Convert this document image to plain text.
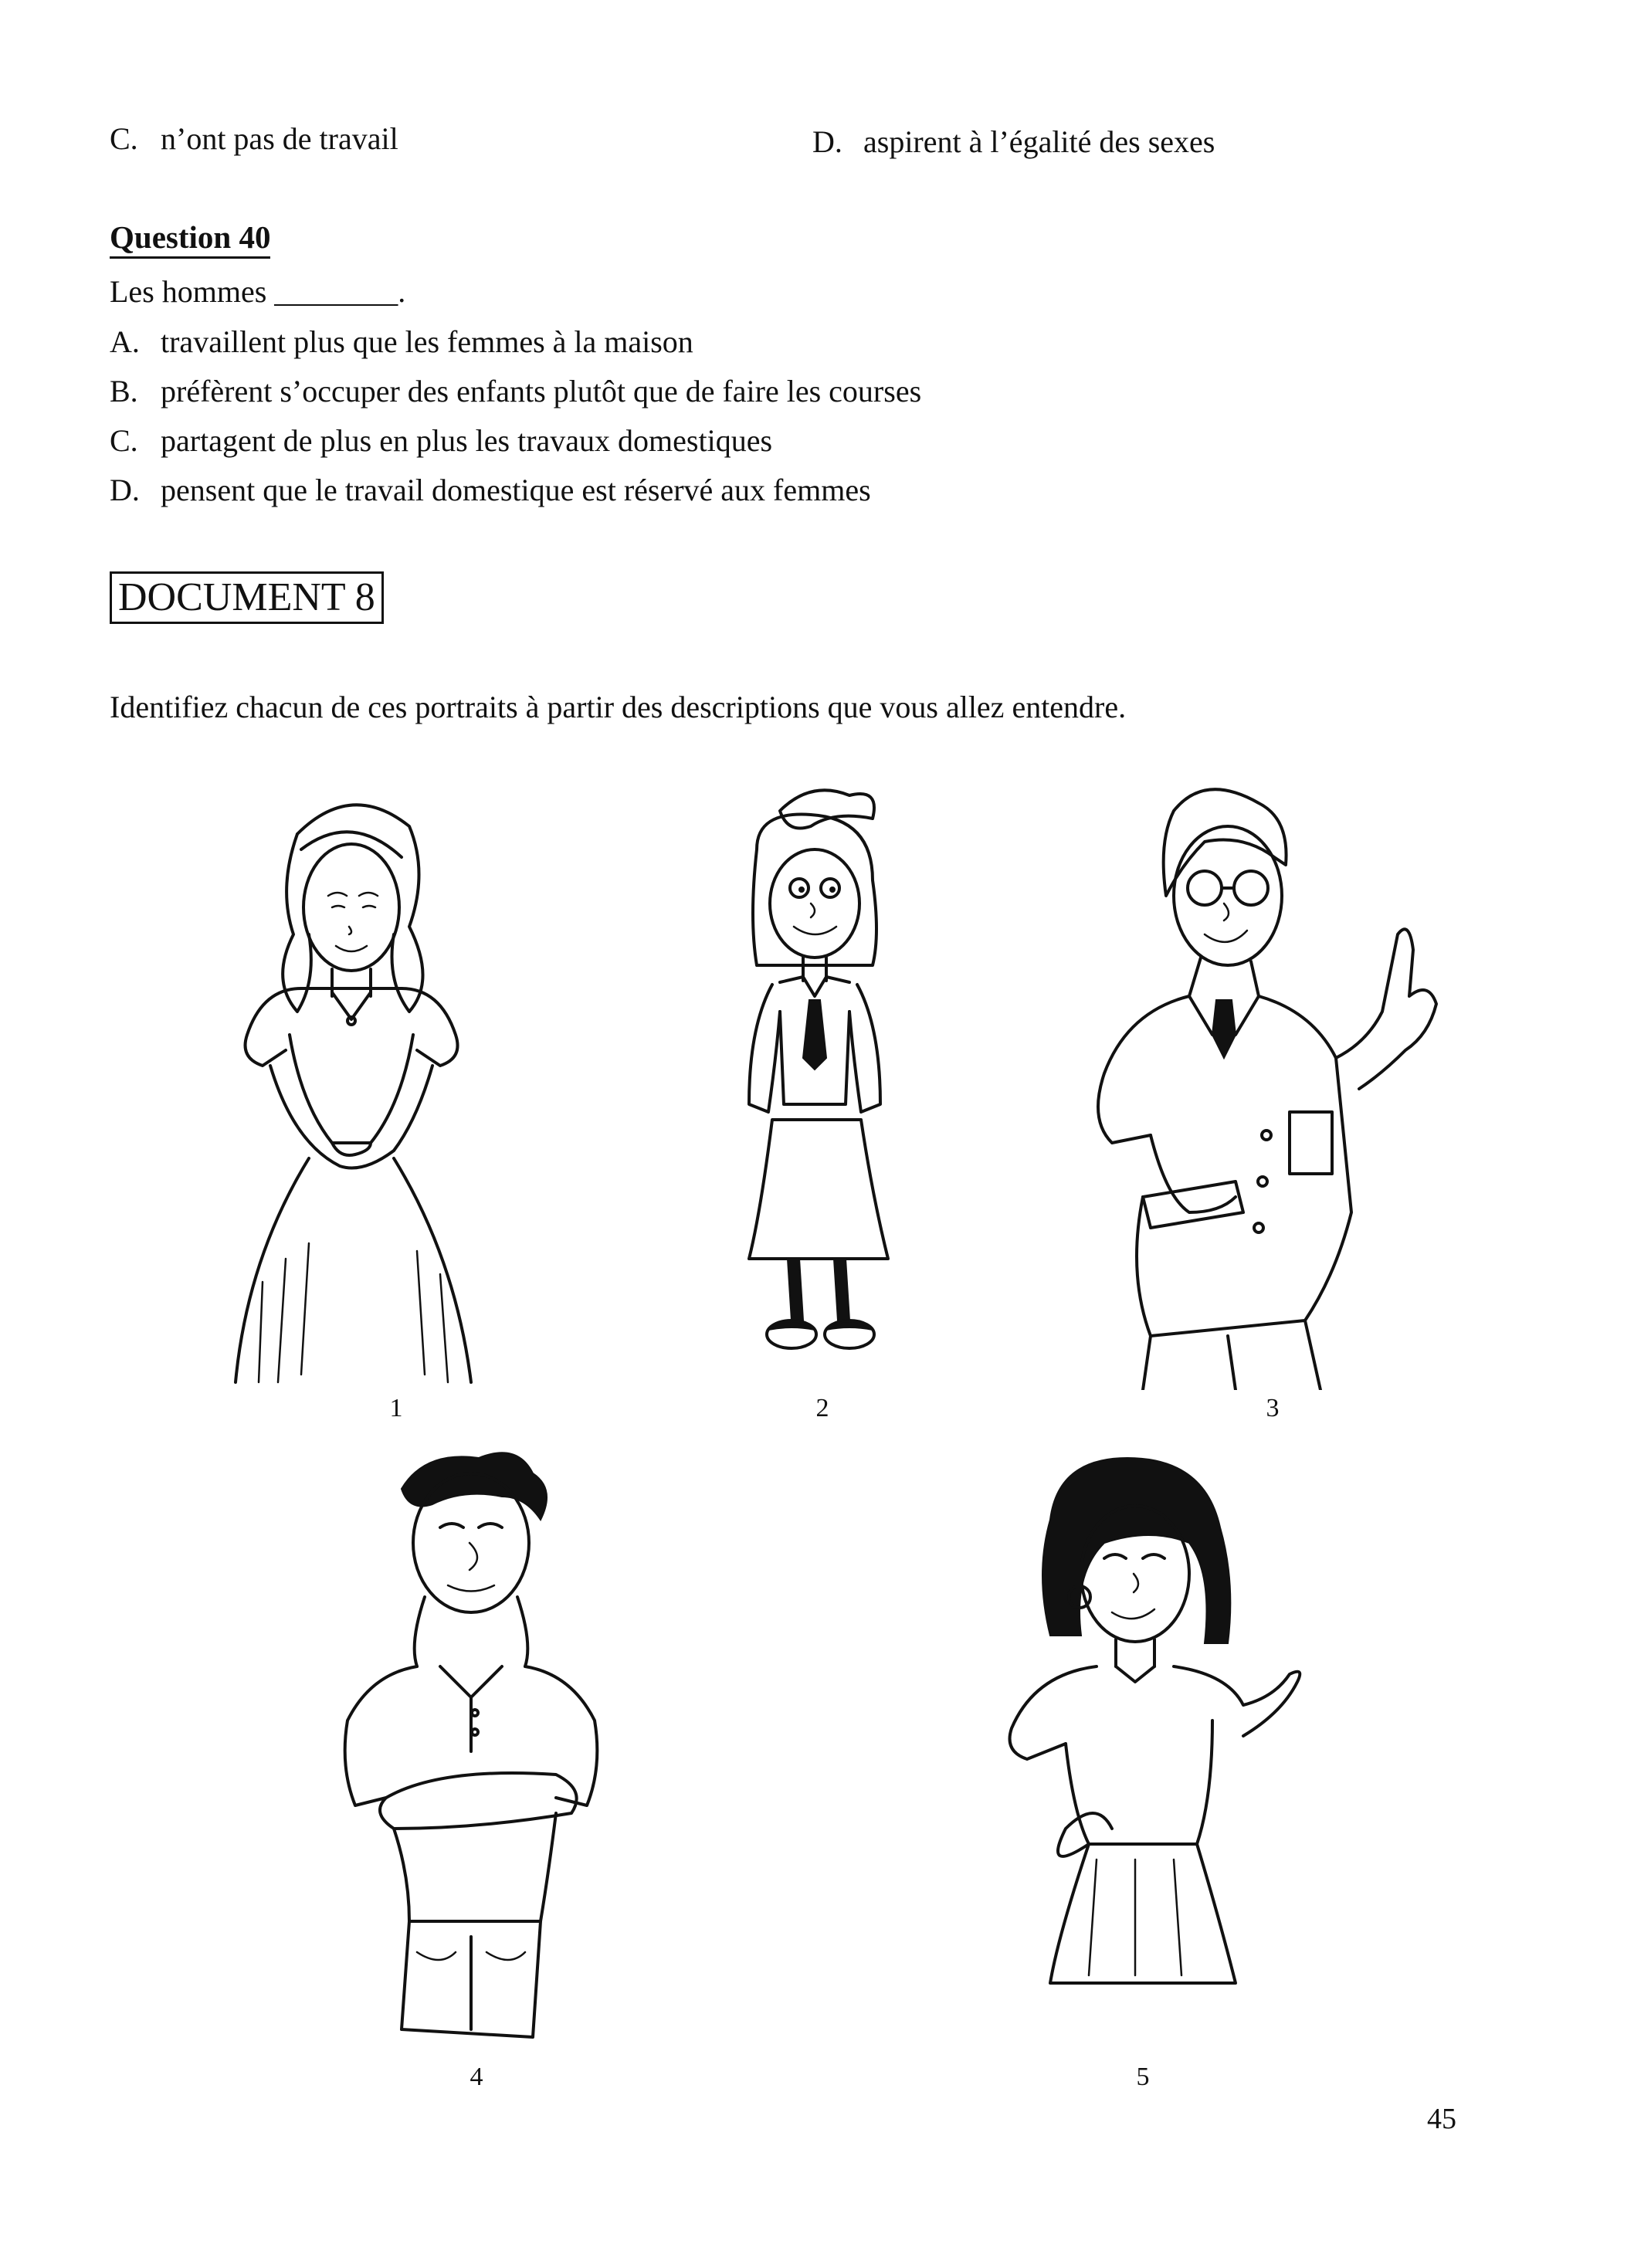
C. n’ont pas de travail	D. aspirent à l’égalité des sexes
Question 40
Les hommes ________.
A. travaillent plus que les femmes à la maison
B. préfèrent s’occuper des enfants plutôt que de faire les courses
C. partagent de plus en plus les travaux domestiques
D. pensent que le travail domestique est réservé aux femmes
DOCUMENT 8
Identifiez chacun de ces portraits à partir des descriptions que vous allez entendre.
1	2	3
4	5
45
